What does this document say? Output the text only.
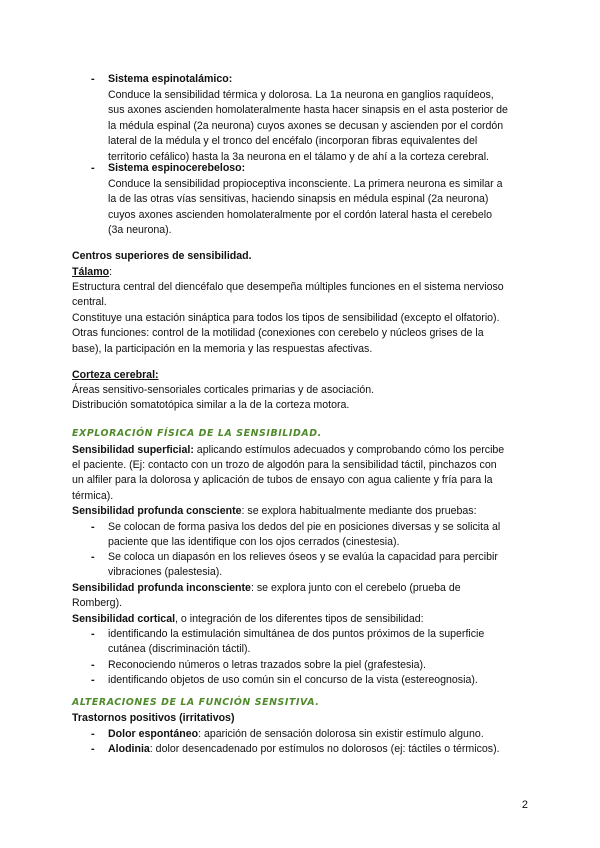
- Sistema espinotalámico:
Conduce la sensibilidad térmica y dolorosa. La 1a neurona en ganglios raquídeos,
sus axones ascienden homolateralmente hasta hacer sinapsis en el asta posterior de
la médula espinal (2a neurona) cuyos axones se decusan y ascienden por el cordón
lateral de la médula y el tronco del encéfalo (incorporan fibras equivalentes del
territorio cefálico) hasta la 3a neurona en el tálamo y de ahí a la corteza cerebral.
- Sistema espinocerebeloso:
Conduce la sensibilidad propioceptiva inconsciente. La primera neurona es similar a
la de las otras vías sensitivas, haciendo sinapsis en médula espinal (2a neurona)
cuyos axones ascienden homolateralmente por el cordón lateral hasta el cerebelo
(3a neurona).
Centros superiores de sensibilidad.
Tálamo:
Estructura central del diencéfalo que desempeña múltiples funciones en el sistema nervioso
central.
Constituye una estación sináptica para todos los tipos de sensibilidad (excepto el olfatorio).
Otras funciones: control de la motilidad (conexiones con cerebelo y núcleos grises de la
base), la participación en la memoria y las respuestas afectivas.
Corteza cerebral:
Áreas sensitivo-sensoriales corticales primarias y de asociación.
Distribución somatotópica similar a la de la corteza motora.
EXPLORACIÓN FÍSICA DE LA SENSIBILIDAD.
Sensibilidad superficial: aplicando estímulos adecuados y comprobando cómo los percibe
el paciente. (Ej: contacto con un trozo de algodón para la sensibilidad táctil, pinchazos con
un alfiler para la dolorosa y aplicación de tubos de ensayo con agua caliente y fría para la
térmica).
Sensibilidad profunda consciente: se explora habitualmente mediante dos pruebas:
- Se colocan de forma pasiva los dedos del pie en posiciones diversas y se solicita al
paciente que las identifique con los ojos cerrados (cinestesia).
- Se coloca un diapasón en los relieves óseos y se evalúa la capacidad para percibir
vibraciones (palestesia).
Sensibilidad profunda inconsciente: se explora junto con el cerebelo (prueba de
Romberg).
Sensibilidad cortical, o integración de los diferentes tipos de sensibilidad:
- identificando la estimulación simultánea de dos puntos próximos de la superficie
cutánea (discriminación táctil).
- Reconociendo números o letras trazados sobre la piel (grafestesia).
- identificando objetos de uso común sin el concurso de la vista (estereognosia).
ALTERACIONES DE LA FUNCIÓN SENSITIVA.
Trastornos positivos (irritativos)
- Dolor espontáneo: aparición de sensación dolorosa sin existir estímulo alguno.
- Alodinia: dolor desencadenado por estímulos no dolorosos (ej: táctiles o térmicos).
2
